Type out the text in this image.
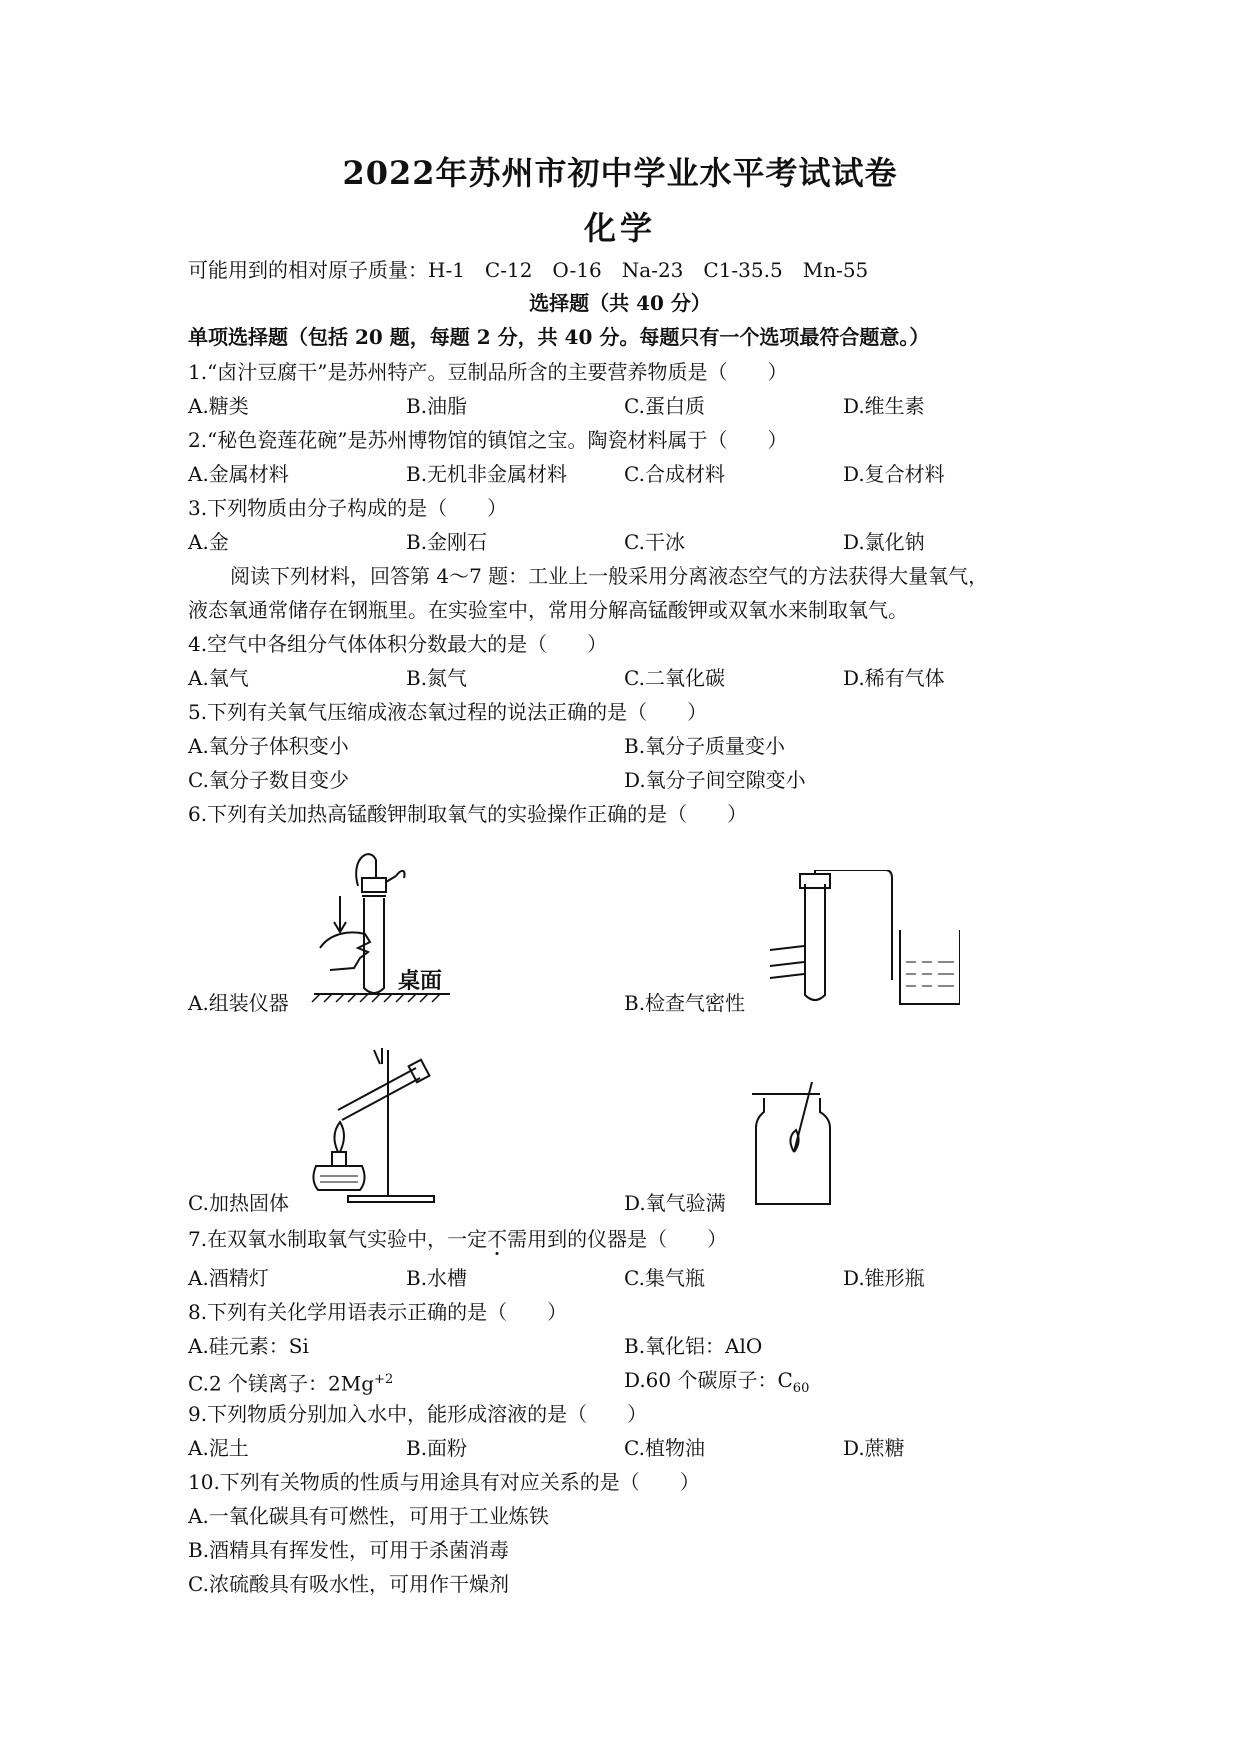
2022年苏州市初中学业水平考试试卷
化学
可能用到的相对原子质量：H-1　C-12　O-16　Na-23　C1-35.5　Mn-55
选择题（共 40 分）
单项选择题（包括 20 题，每题 2 分，共 40 分。每题只有一个选项最符合题意。）
1.“卤汁豆腐干”是苏州特产。豆制品所含的主要营养物质是（　　）
A.糖类	B.油脂	C.蛋白质	D.维生素
2.“秘色瓷莲花碗”是苏州博物馆的镇馆之宝。陶瓷材料属于（　　）
A.金属材料	B.无机非金属材料	C.合成材料	D.复合材料
3.下列物质由分子构成的是（　　）
A.金	B.金刚石	C.干冰	D.氯化钠
阅读下列材料，回答第 4～7 题：工业上一般采用分离液态空气的方法获得大量氧气，
液态氧通常储存在钢瓶里。在实验室中，常用分解高锰酸钾或双氧水来制取氧气。
4.空气中各组分气体体积分数最大的是（　　）
A.氧气	B.氮气	C.二氧化碳	D.稀有气体
5.下列有关氧气压缩成液态氧过程的说法正确的是（　　）
A.氧分子体积变小	B.氧分子质量变小
C.氧分子数目变少	D.氧分子间空隙变小
6.下列有关加热高锰酸钾制取氧气的实验操作正确的是（　　）
桌面
A.组装仪器	B.检查气密性
C.加热固体	D.氧气验满
7.在双氧水制取氧气实验中，一定不需用到的仪器是（　　）
A.酒精灯	B.水槽	C.集气瓶	D.锥形瓶
8.下列有关化学用语表示正确的是（　　）
A.硅元素：Si	B.氧化铝：AlO
C.2 个镁离子：$2Mg^{+2}$	D.60 个碳原子：$C_{60}$
9.下列物质分别加入水中，能形成溶液的是（　　）
A.泥土	B.面粉	C.植物油	D.蔗糖
10.下列有关物质的性质与用途具有对应关系的是（　　）
A.一氧化碳具有可燃性，可用于工业炼铁
B.酒精具有挥发性，可用于杀菌消毒
C.浓硫酸具有吸水性，可用作干燥剂
